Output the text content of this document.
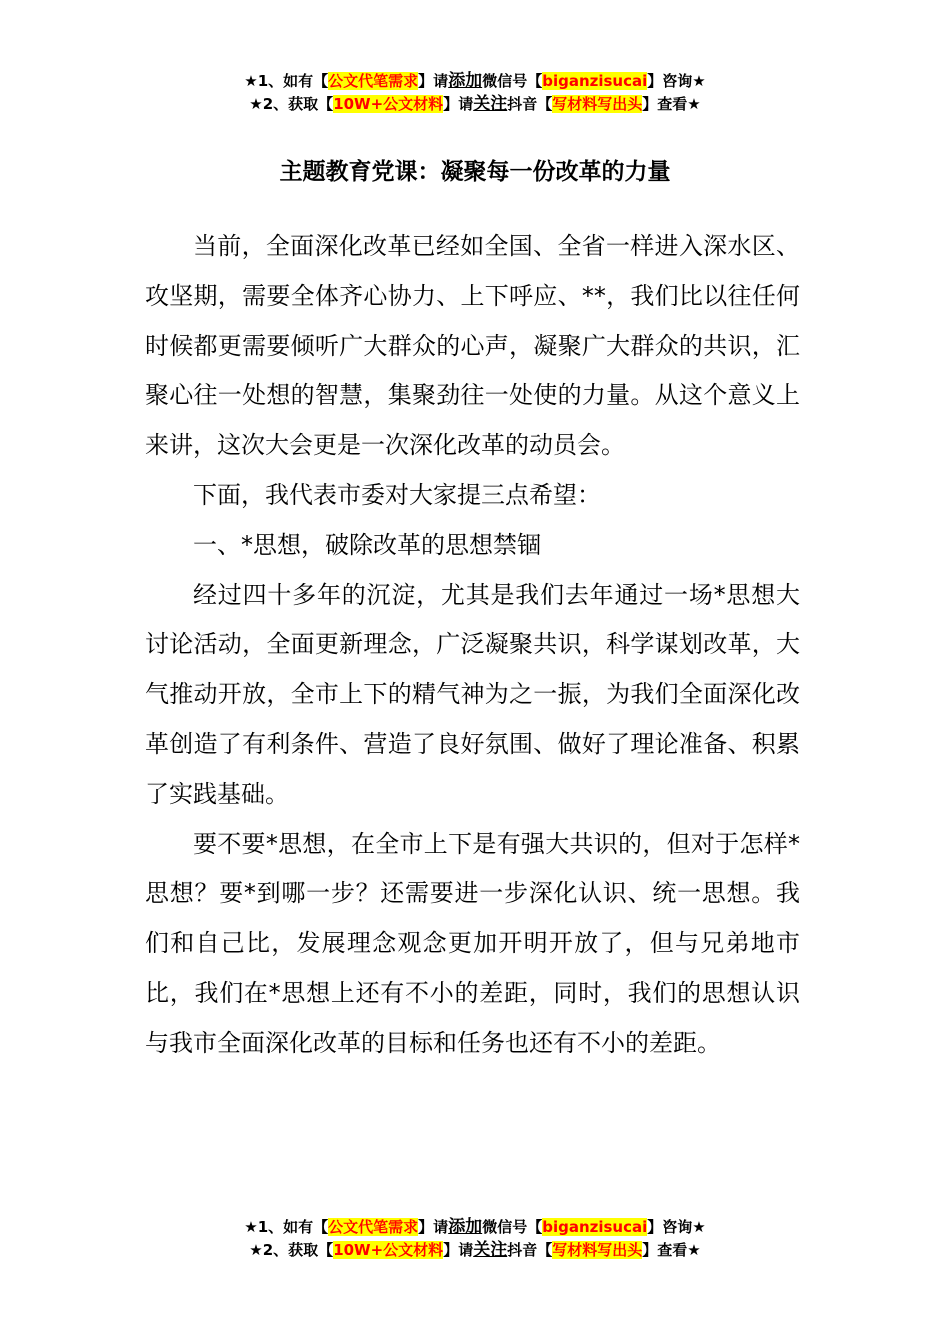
★1、如有【公文代笔需求】请添加微信号【biganzisucai】咨询★
★2、获取【10W+公文材料】请关注抖音【写材料写出头】查看★
主题教育党课：凝聚每一份改革的力量

当前，全面深化改革已经如全国、全省一样进入深水区、攻坚期，需要全体齐心协力、上下呼应、**，我们比以往任何时候都更需要倾听广大群众的心声，凝聚广大群众的共识，汇聚心往一处想的智慧，集聚劲往一处使的力量。从这个意义上来讲，这次大会更是一次深化改革的动员会。

下面，我代表市委对大家提三点希望：

一、*思想，破除改革的思想禁锢

经过四十多年的沉淀，尤其是我们去年通过一场*思想大讨论活动，全面更新理念，广泛凝聚共识，科学谋划改革，大气推动开放，全市上下的精气神为之一振，为我们全面深化改革创造了有利条件、营造了良好氛围、做好了理论准备、积累了实践基础。

要不要*思想，在全市上下是有强大共识的，但对于怎样*思想？要*到哪一步？还需要进一步深化认识、统一思想。我们和自己比，发展理念观念更加开明开放了，但与兄弟地市比，我们在*思想上还有不小的差距，同时，我们的思想认识与我市全面深化改革的目标和任务也还有不小的差距。

★1、如有【公文代笔需求】请添加微信号【biganzisucai】咨询★
★2、获取【10W+公文材料】请关注抖音【写材料写出头】查看★
